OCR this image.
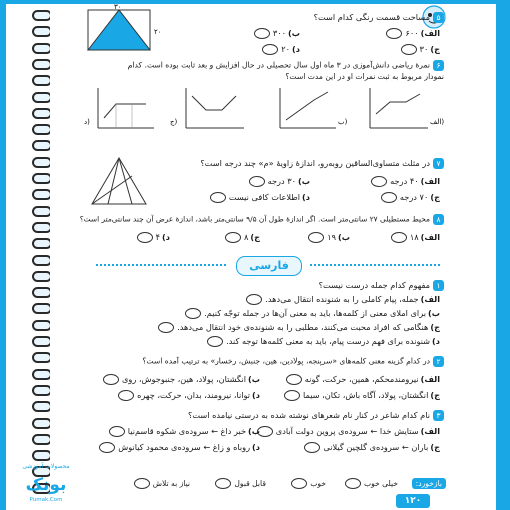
۵مساحت قسمت رنگی کدام است؟
۳۰
۲۰	الف)۶۰۰
ب)۳۰۰
ج)۳۰
د)۲۰
۶نمرهٔ ریاضی دانش‌آموزی در ۳ ماه اول سال تحصیلی در حال افزایش و بعد ثابت بوده است. کدام
نمودار مربوط به ثبت نمرات او در این مدت است؟
د)	ج)	ب)	الف)
۷در مثلث متساوی‌الساقین روبه‌رو، اندازهٔ زاویهٔ «م» چند درجه است؟
الف)۴۰ درجه
ب)۳۰ درجه
ج)۷۰ درجه
د)اطلاعات کافی نیست
۸محیط مستطیلی ۲۷ سانتی‌متر است. اگر اندازهٔ طول آن ۹/۵ سانتی‌متر باشد، اندازهٔ عرض آن چند سانتی‌متر است؟
الف)۱۸
ب)۱۹
ج)۸
د)۴
فارسی
۱مفهوم کدام جمله درست نیست؟
الف)جمله، پیام کاملی را به شنونده انتقال می‌دهد.
ب)برای املای معنی از کلمه‌ها، باید به معنی آن‌ها در جمله توجّه کنیم.
ج)هنگامی که افراد محبت می‌کنند، مطلبی را به شنونده‌ی خود انتقال می‌دهد.
د)شنونده برای فهم درست پیام، باید به معنی کلمه‌ها توجه کند.
۲در کدام گزینه معنی کلمه‌های «سرپنجه، پولادین، هین، جنبش، رخسار» به ترتیب آمده است؟
الف)نیرومندمحکم، همین، حرکت، گونه
ب)انگشتان، پولاد، هین، جنبوجوش، روی
ج)انگشتان، پولاد، آگاه باش، تکان، سیما
د)توانا، نیرومند، بدان، حرکت، چهره
۳نام کدام شاعر در کنار نام شعرهای نوشته شده به درستی نیامده است؟
الف)ستایش خدا ← سروده‌ی پروین دولت آبادی
ب)خبر داغ ← سروده‌ی شکوه قاسم‌نیا
ج)باران ← سروده‌ی گلچین گیلانی
د)روباه و زاغ ← سروده‌ی محمود کیانوش
بازخورد:
خیلی خوب
خوب
قابل قبول
نیاز به تلاش
محصولات آموزشی
بونک
Pumak.Com	۱۲۰
